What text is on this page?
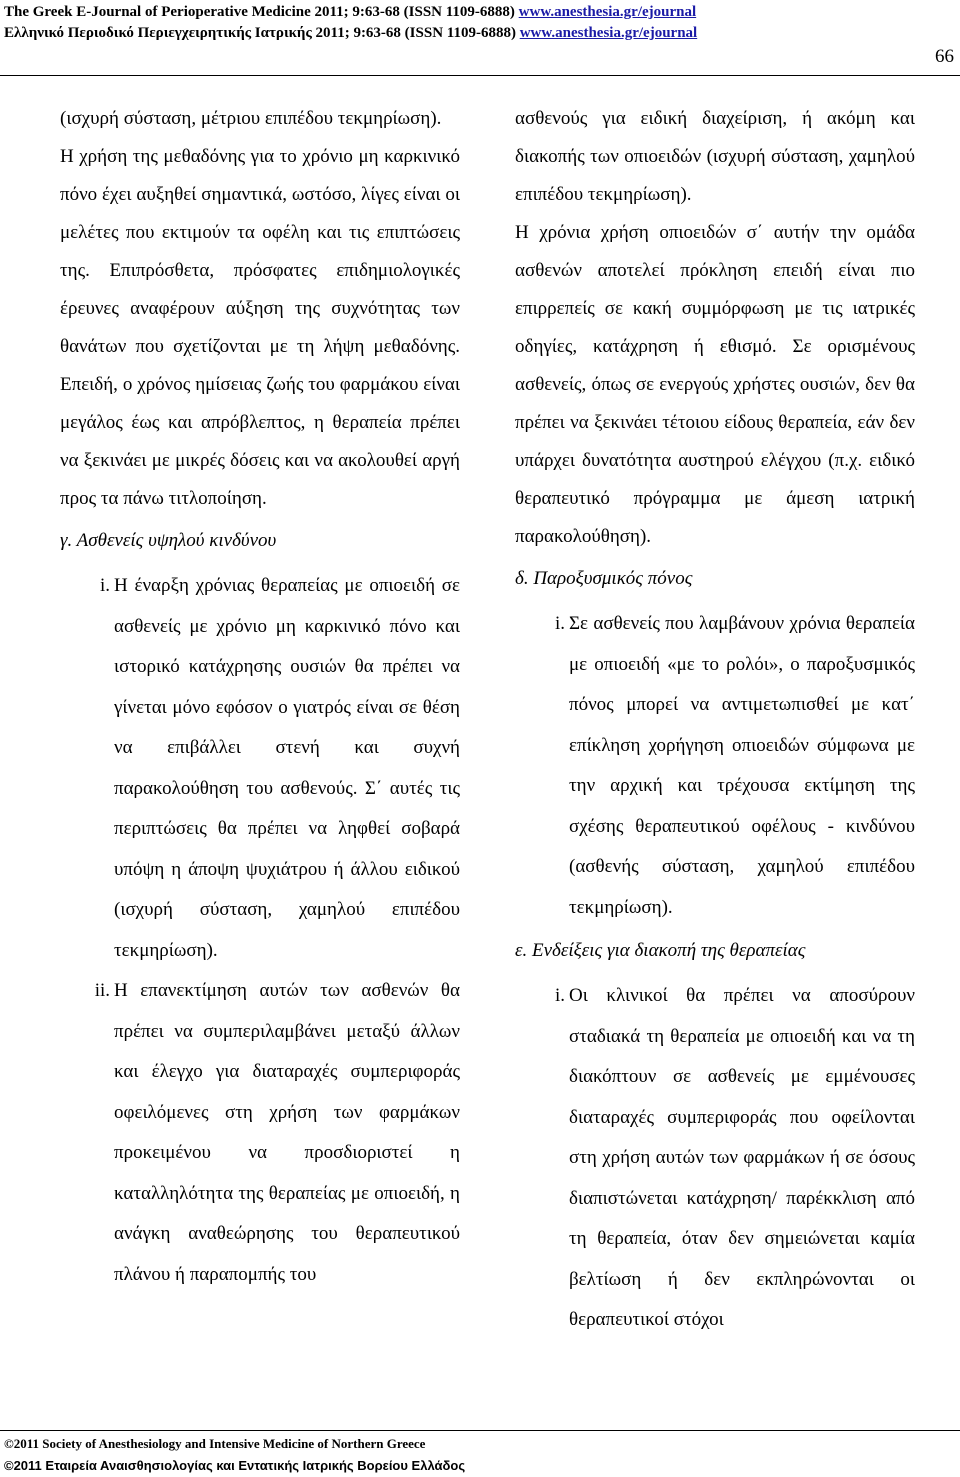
The Greek E-Journal of Perioperative Medicine 2011; 9:63-68 (ISSN 1109-6888) www.anesthesia.gr/ejournal
Ελληνικό Περιοδικό Περιεγχειρητικής Ιατρικής 2011; 9:63-68 (ISSN 1109-6888) www.anesthesia.gr/ejournal
66

(ισχυρή σύσταση, μέτριου επιπέδου τεκμηρίωση).

Η χρήση της μεθαδόνης για το χρόνιο μη καρκινικό πόνο έχει αυξηθεί σημαντικά, ωστόσο, λίγες είναι οι μελέτες που εκτιμούν τα οφέλη και τις επιπτώσεις της. Επιπρόσθετα, πρόσφατες επιδημιολογικές έρευνες αναφέρουν αύξηση της συχνότητας των θανάτων που σχετίζονται με τη λήψη μεθαδόνης. Επειδή, ο χρόνος ημίσειας ζωής του φαρμάκου είναι μεγάλος έως και απρόβλεπτος, η θεραπεία πρέπει να ξεκινάει με μικρές δόσεις και να ακολουθεί αργή προς τα πάνω τιτλοποίηση.

γ. Ασθενείς υψηλού κινδύνου
i. Η έναρξη χρόνιας θεραπείας με οπιοειδή σε ασθενείς με χρόνιο μη καρκινικό πόνο και ιστορικό κατάχρησης ουσιών θα πρέπει να γίνεται μόνο εφόσον ο γιατρός είναι σε θέση να επιβάλλει στενή και συχνή παρακολούθηση του ασθενούς. Σ΄ αυτές τις περιπτώσεις θα πρέπει να ληφθεί σοβαρά υπόψη η άποψη ψυχιάτρου ή άλλου ειδικού (ισχυρή σύσταση, χαμηλού επιπέδου τεκμηρίωση).
ii. Η επανεκτίμηση αυτών των ασθενών θα πρέπει να συμπεριλαμβάνει μεταξύ άλλων και έλεγχο για διαταραχές συμπεριφοράς οφειλόμενες στη χρήση των φαρμάκων προκειμένου να προσδιοριστεί η καταλληλότητα της θεραπείας με οπιοειδή, η ανάγκη αναθεώρησης του θεραπευτικού πλάνου ή παραπομπής του

ασθενούς για ειδική διαχείριση, ή ακόμη και διακοπής των οπιοειδών (ισχυρή σύσταση, χαμηλού επιπέδου τεκμηρίωση).

Η χρόνια χρήση οπιοειδών σ΄ αυτήν την ομάδα ασθενών αποτελεί πρόκληση επειδή είναι πιο επιρρεπείς σε κακή συμμόρφωση με τις ιατρικές οδηγίες, κατάχρηση ή εθισμό. Σε ορισμένους ασθενείς, όπως σε ενεργούς χρήστες ουσιών, δεν θα πρέπει να ξεκινάει τέτοιου είδους θεραπεία, εάν δεν υπάρχει δυνατότητα αυστηρού ελέγχου (π.χ. ειδικό θεραπευτικό πρόγραμμα με άμεση ιατρική παρακολούθηση).

δ. Παροξυσμικός πόνος
i. Σε ασθενείς που λαμβάνουν χρόνια θεραπεία με οπιοειδή «με το ρολόι», ο παροξυσμικός πόνος μπορεί να αντιμετωπισθεί με κατ΄ επίκληση χορήγηση οπιοειδών σύμφωνα με την αρχική και τρέχουσα εκτίμηση της σχέσης θεραπευτικού οφέλους - κινδύνου (ασθενής σύσταση, χαμηλού επιπέδου τεκμηρίωση).
ε. Ενδείξεις για διακοπή της θεραπείας
i. Οι κλινικοί θα πρέπει να αποσύρουν σταδιακά τη θεραπεία με οπιοειδή και να τη διακόπτουν σε ασθενείς με εμμένουσες διαταραχές συμπεριφοράς που οφείλονται στη χρήση αυτών των φαρμάκων ή σε όσους διαπιστώνεται κατάχρηση/ παρέκκλιση από τη θεραπεία, όταν δεν σημειώνεται καμία βελτίωση ή δεν εκπληρώνονται οι θεραπευτικοί στόχοι
©2011 Society of Anesthesiology and Intensive Medicine of Northern Greece
©2011 Εταιρεία Αναισθησιολογίας και Εντατικής Ιατρικής Βορείου Ελλάδος
